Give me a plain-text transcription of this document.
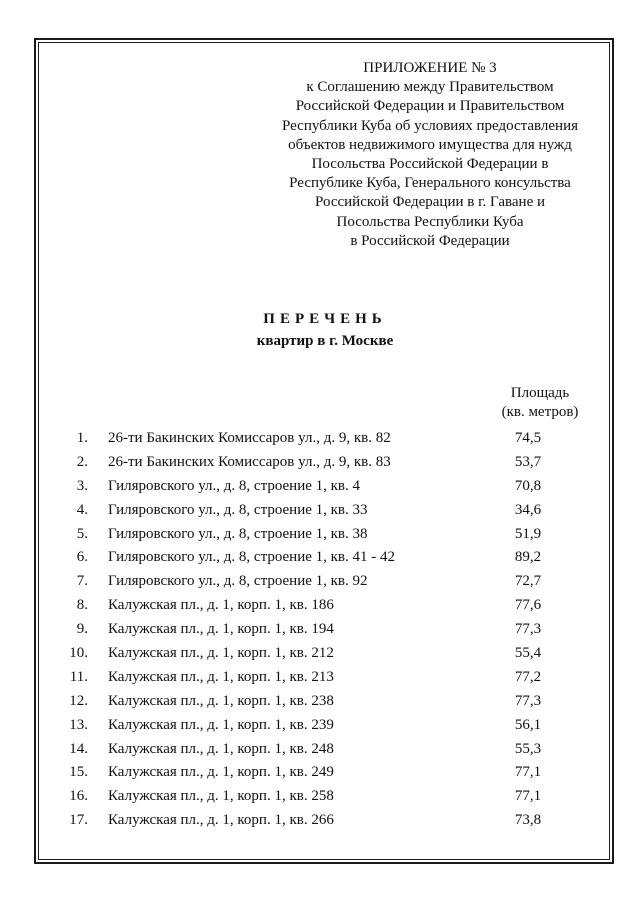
ПРИЛОЖЕНИЕ № 3
к Соглашению между Правительством
Российской Федерации и Правительством
Республики Куба об условиях предоставления
объектов недвижимого имущества для нужд
Посольства Российской Федерации в
Республике Куба, Генерального консульства
Российской Федерации в г. Гаване и
Посольства Республики Куба
в Российской Федерации
ПЕРЕЧЕНЬ
квартир в г. Москве
Площадь
(кв. метров)
1. 26-ти Бакинских Комиссаров ул., д. 9, кв. 82	74,5
2. 26-ти Бакинских Комиссаров ул., д. 9, кв. 83	53,7
3. Гиляровского ул., д. 8, строение 1, кв. 4	70,8
4. Гиляровского ул., д. 8, строение 1, кв. 33	34,6
5. Гиляровского ул., д. 8, строение 1, кв. 38	51,9
6. Гиляровского ул., д. 8, строение 1, кв. 41 - 42	89,2
7. Гиляровского ул., д. 8, строение 1, кв. 92	72,7
8. Калужская пл., д. 1, корп. 1, кв. 186	77,6
9. Калужская пл., д. 1, корп. 1, кв. 194	77,3
10. Калужская пл., д. 1, корп. 1, кв. 212	55,4
11. Калужская пл., д. 1, корп. 1, кв. 213	77,2
12. Калужская пл., д. 1, корп. 1, кв. 238	77,3
13. Калужская пл., д. 1, корп. 1, кв. 239	56,1
14. Калужская пл., д. 1, корп. 1, кв. 248	55,3
15. Калужская пл., д. 1, корп. 1, кв. 249	77,1
16. Калужская пл., д. 1, корп. 1, кв. 258	77,1
17. Калужская пл., д. 1, корп. 1, кв. 266	73,8
